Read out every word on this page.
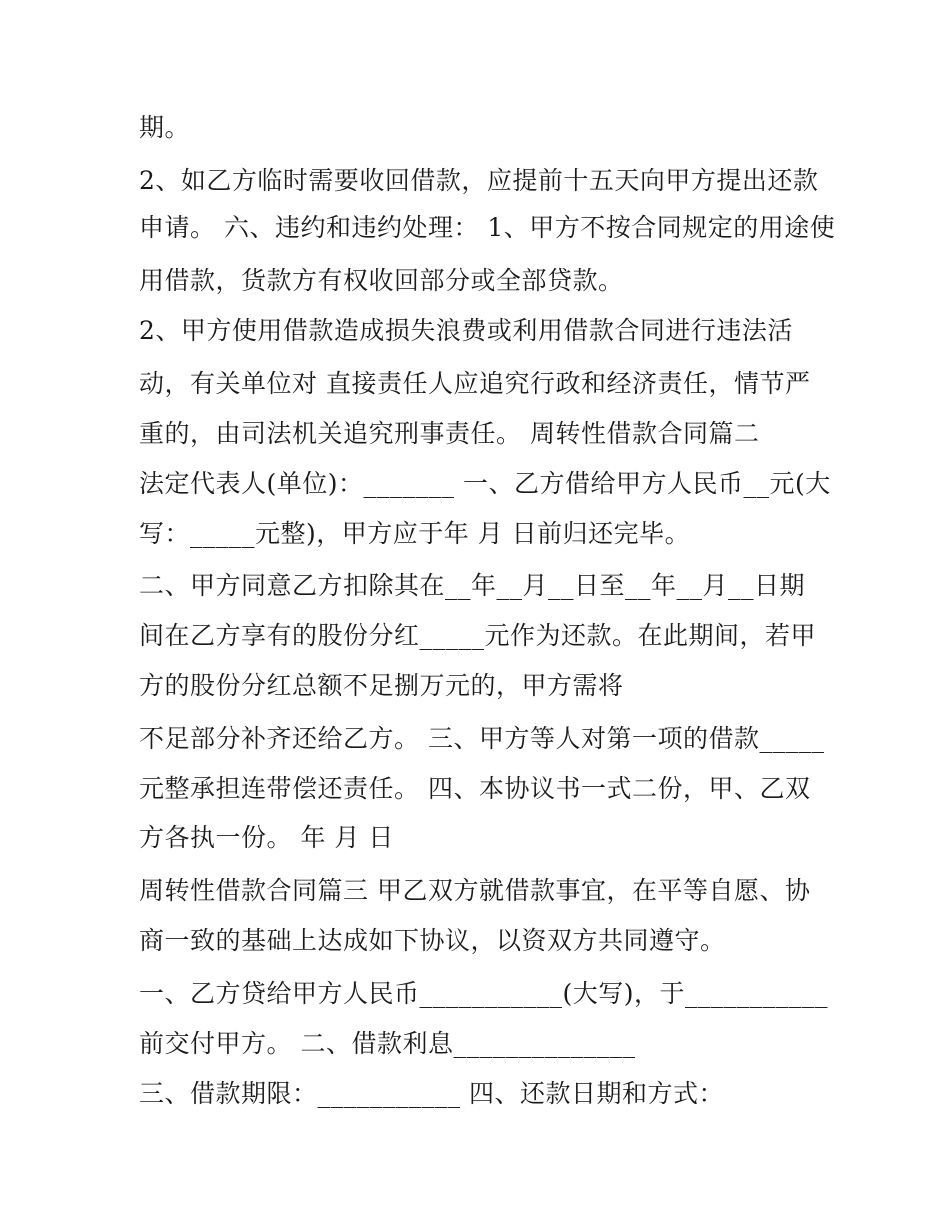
期。
2、如乙方临时需要收回借款，应提前十五天向甲方提出还款
申请。 六、违约和违约处理： 1、甲方不按合同规定的用途使
用借款，货款方有权收回部分或全部贷款。
2、甲方使用借款造成损失浪费或利用借款合同进行违法活
动，有关单位对 直接责任人应追究行政和经济责任，情节严
重的，由司法机关追究刑事责任。 周转性借款合同篇二
法定代表人(单位)：_______ 一、乙方借给甲方人民币__元(大
写：_____元整)，甲方应于年 月 日前归还完毕。
二、甲方同意乙方扣除其在__年__月__日至__年__月__日期
间在乙方享有的股份分红_____元作为还款。在此期间，若甲
方的股份分红总额不足捌万元的，甲方需将
不足部分补齐还给乙方。 三、甲方等人对第一项的借款_____
元整承担连带偿还责任。 四、本协议书一式二份，甲、乙双
方各执一份。 年 月 日
周转性借款合同篇三 甲乙双方就借款事宜，在平等自愿、协
商一致的基础上达成如下协议，以资双方共同遵守。
一、乙方贷给甲方人民币___________(大写)，于___________
前交付甲方。 二、借款利息______________
三、借款期限：___________ 四、还款日期和方式：
